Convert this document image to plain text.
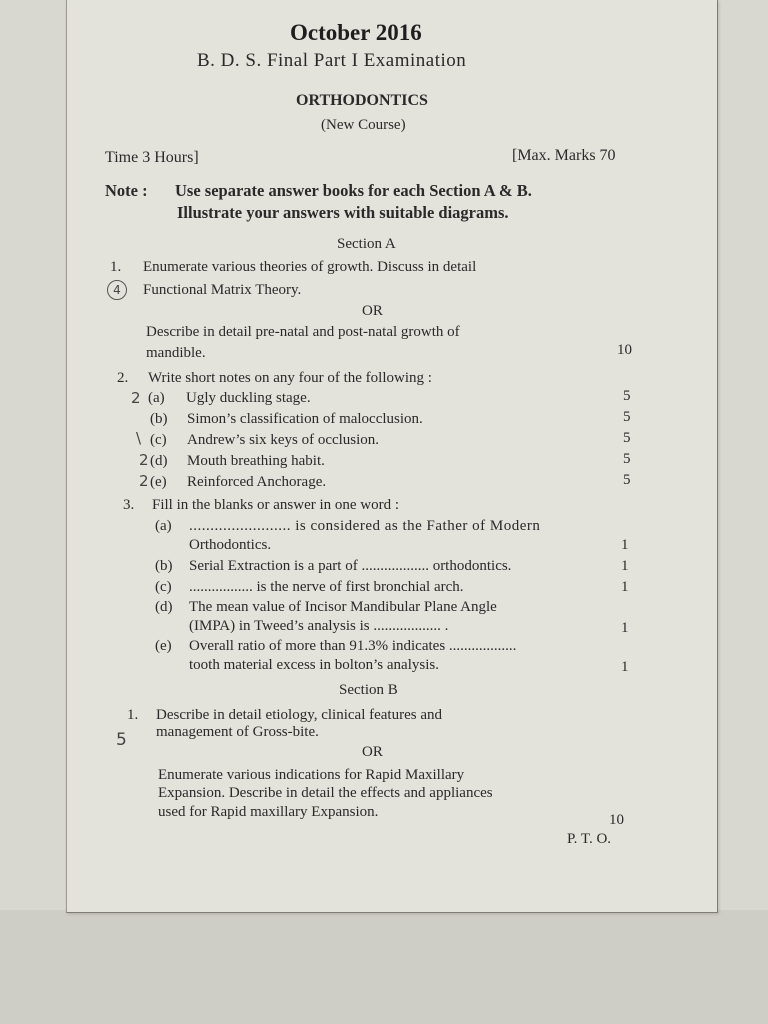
October 2016
B. D. S. Final Part I Examination
ORTHODONTICS
(New Course)
Time 3 Hours]	[Max. Marks 70
Note : Use separate answer books for each Section A & B.
Illustrate your answers with suitable diagrams.
Section A
1. Enumerate various theories of growth. Discuss in detail
Functional Matrix Theory.
4
OR
Describe in detail pre-natal and post-natal growth of
mandible.	10
2. Write short notes on any four of the following :
2 (a) Ugly duckling stage.	5
(b) Simon’s classification of malocclusion.	5
\ (c) Andrew’s six keys of occlusion.	5
2 (d) Mouth breathing habit.	5
2 (e) Reinforced Anchorage.	5
3. Fill in the blanks or answer in one word :
(a) ........................ is considered as the Father of Modern
Orthodontics.	1
(b) Serial Extraction is a part of .................. orthodontics.	1
(c) ................. is the nerve of first bronchial arch.	1
(d) The mean value of Incisor Mandibular Plane Angle
(IMPA) in Tweed’s analysis is .................. .	1
(e) Overall ratio of more than 91.3% indicates ..................
tooth material excess in bolton’s analysis.	1
Section B
1. Describe in detail etiology, clinical features and
management of Gross-bite.
5
OR
Enumerate various indications for Rapid Maxillary
Expansion. Describe in detail the effects and appliances
used for Rapid maxillary Expansion.	10
P. T. O.
